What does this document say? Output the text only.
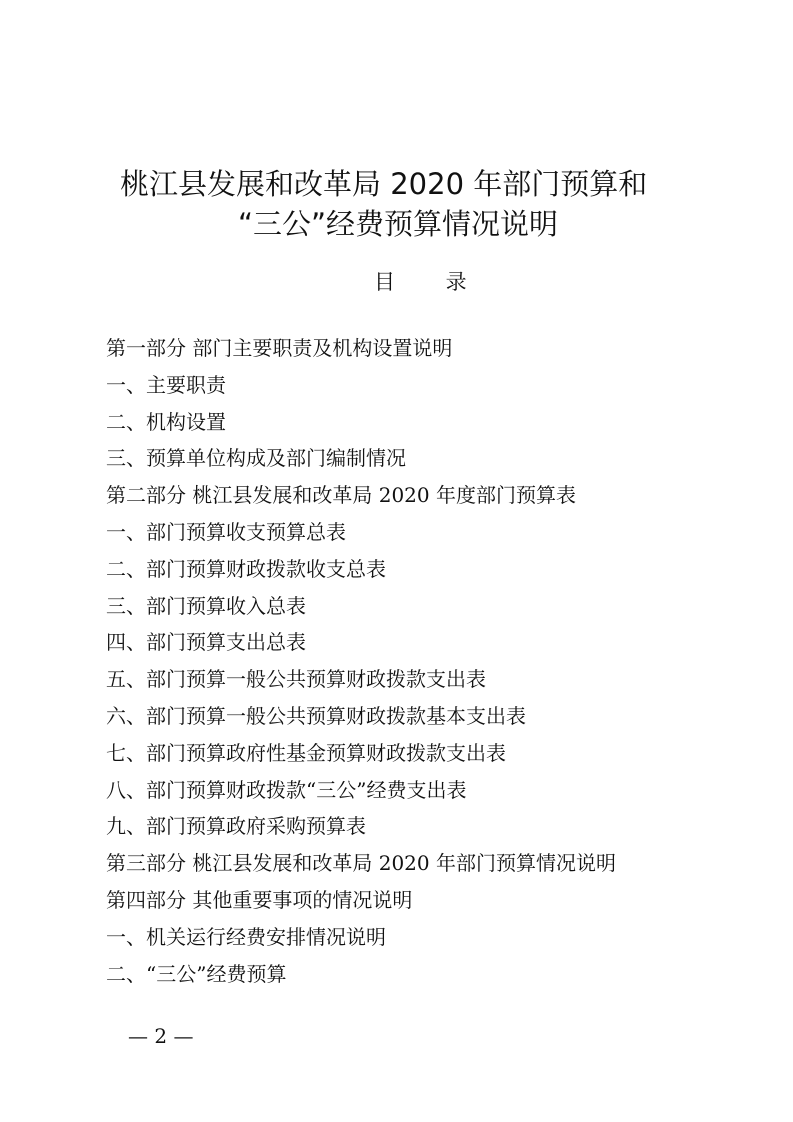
桃江县发展和改革局 2020 年部门预算和
“三公”经费预算情况说明
目 录
第一部分 部门主要职责及机构设置说明
一、主要职责
二、机构设置
三、预算单位构成及部门编制情况
第二部分 桃江县发展和改革局 2020 年度部门预算表
一、部门预算收支预算总表
二、部门预算财政拨款收支总表
三、部门预算收入总表
四、部门预算支出总表
五、部门预算一般公共预算财政拨款支出表
六、部门预算一般公共预算财政拨款基本支出表
七、部门预算政府性基金预算财政拨款支出表
八、部门预算财政拨款“三公”经费支出表
九、部门预算政府采购预算表
第三部分 桃江县发展和改革局 2020 年部门预算情况说明
第四部分 其他重要事项的情况说明
一、机关运行经费安排情况说明
二、“三公”经费预算
— 2 —
